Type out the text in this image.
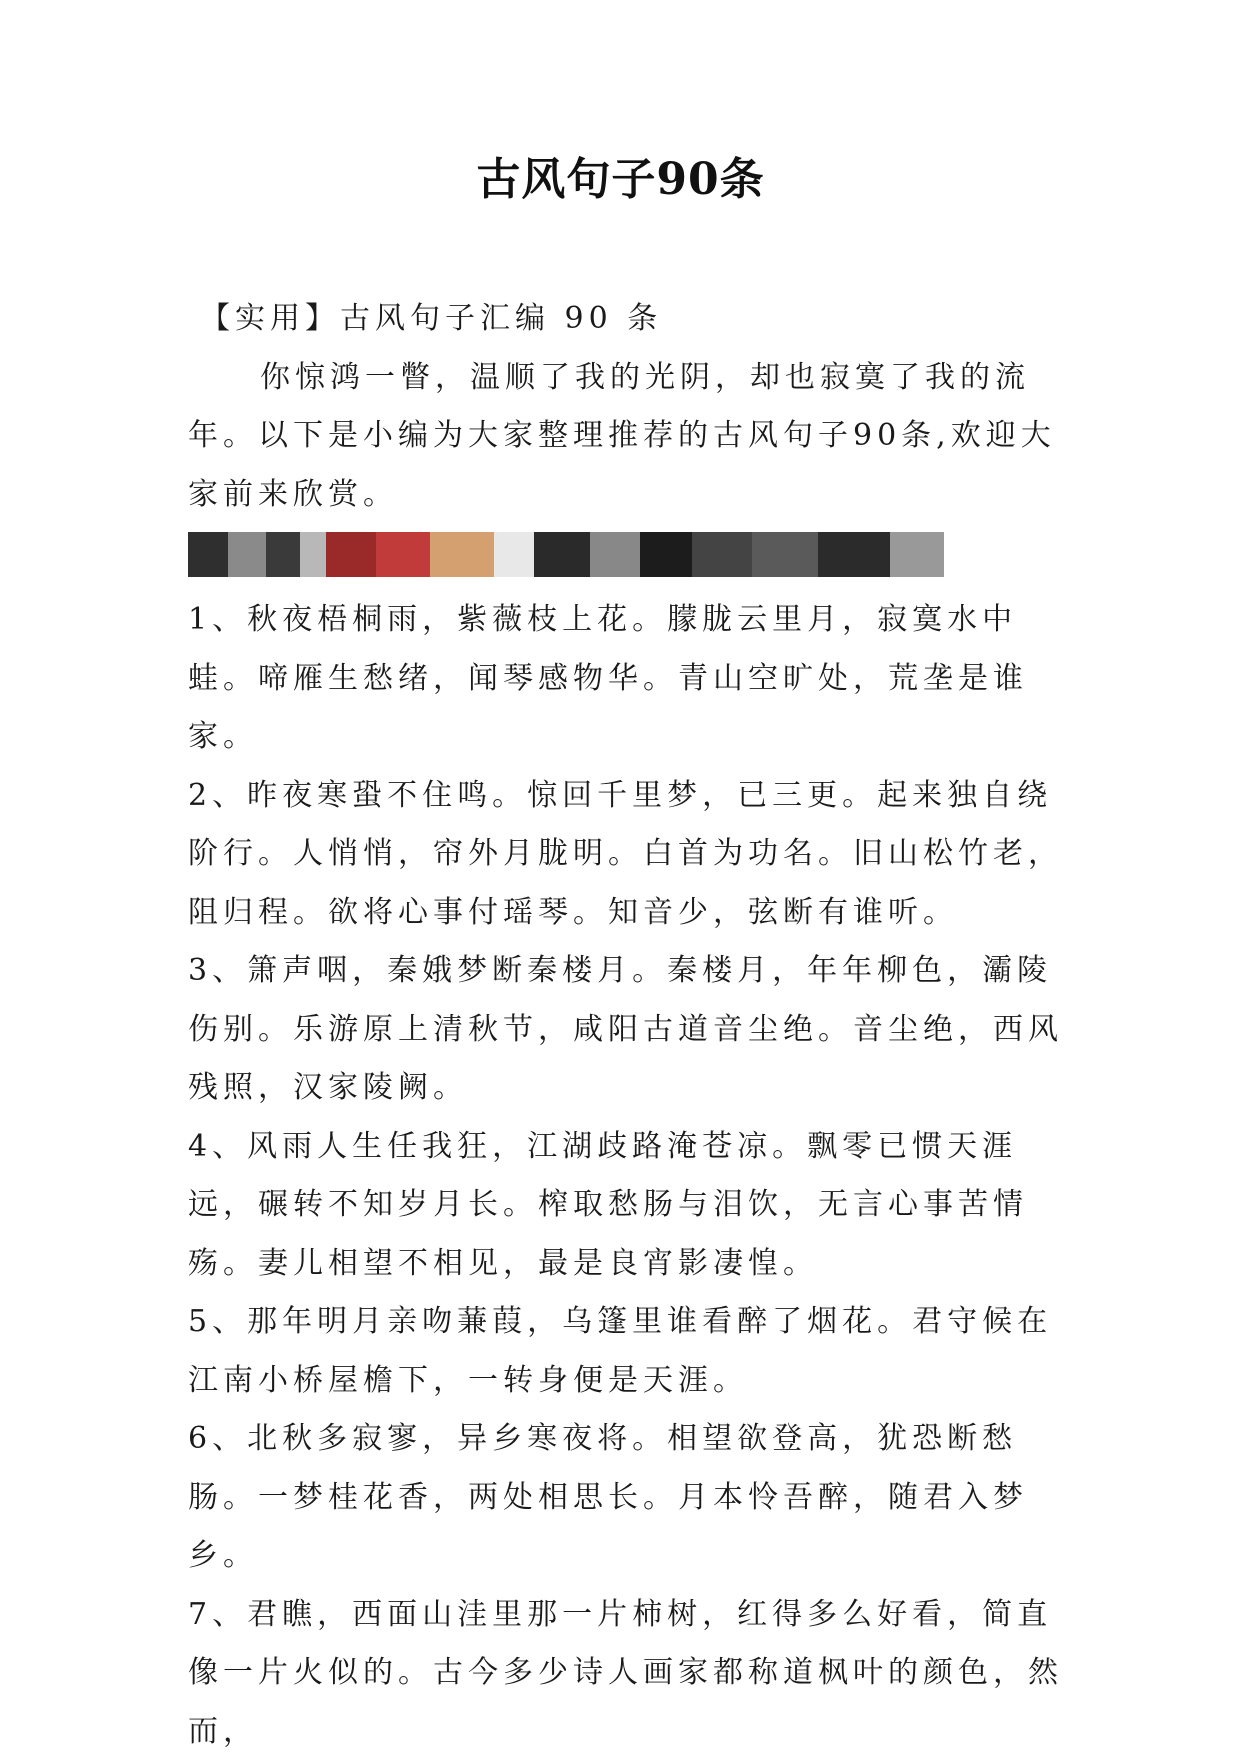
古风句子90条

【实用】古风句子汇编 90 条

你惊鸿一瞥，温顺了我的光阴，却也寂寞了我的流年。以下是小编为大家整理推荐的古风句子90条,欢迎大家前来欣赏。

1、秋夜梧桐雨，紫薇枝上花。朦胧云里月，寂寞水中蛙。啼雁生愁绪，闻琴感物华。青山空旷处，荒垄是谁家。

2、昨夜寒蛩不住鸣。惊回千里梦，已三更。起来独自绕阶行。人悄悄，帘外月胧明。白首为功名。旧山松竹老，阻归程。欲将心事付瑶琴。知音少，弦断有谁听。

3、箫声咽，秦娥梦断秦楼月。秦楼月，年年柳色，灞陵伤别。乐游原上清秋节，咸阳古道音尘绝。音尘绝，西风残照，汉家陵阙。

4、风雨人生任我狂，江湖歧路淹苍凉。飘零已惯天涯远，碾转不知岁月长。榨取愁肠与泪饮，无言心事苦情殇。妻儿相望不相见，最是良宵影凄惶。

5、那年明月亲吻蒹葭，乌篷里谁看醉了烟花。君守候在江南小桥屋檐下，一转身便是天涯。

6、北秋多寂寥，异乡寒夜将。相望欲登高，犹恐断愁肠。一梦桂花香，两处相思长。月本怜吾醉，随君入梦乡。

7、君瞧，西面山洼里那一片柿树，红得多么好看，简直像一片火似的。古今多少诗人画家都称道枫叶的颜色，然而，
